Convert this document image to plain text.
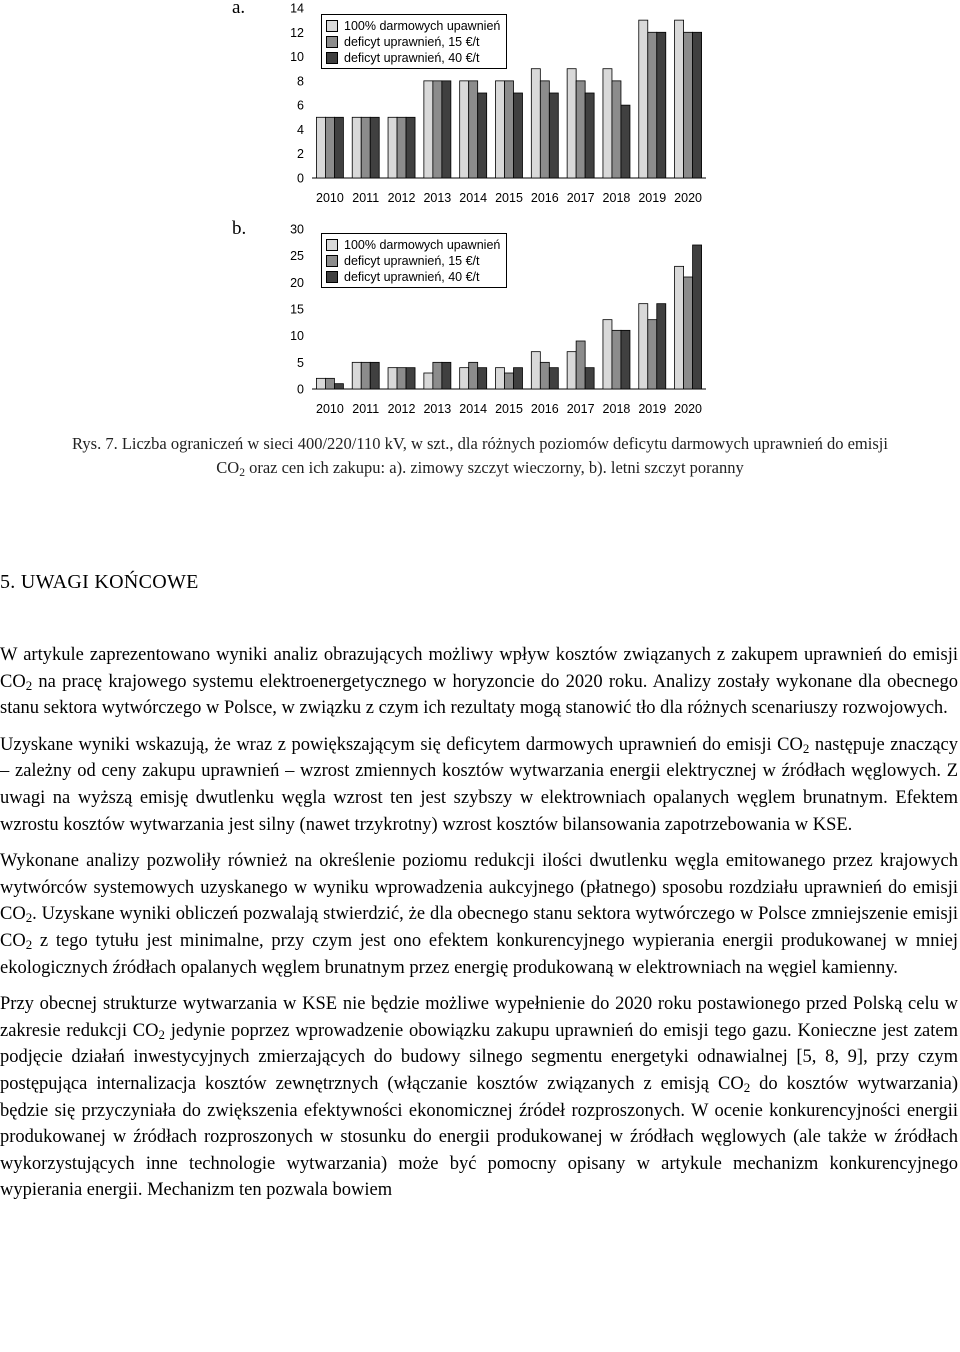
a.
0
2
4
6
8
10
12
14
2010 2011 2012 2013 2014 2015 2016 2017 2018 2019 2020
100% darmowych upawnień
deficyt uprawnień, 15 €/t
deficyt uprawnień, 40 €/t
b.
0
5
10
15
20
25
30
2010 2011 2012 2013 2014 2015 2016 2017 2018 2019 2020
100% darmowych upawnień
deficyt uprawnień, 15 €/t
deficyt uprawnień, 40 €/t
Rys. 7. Liczba ograniczeń w sieci 400/220/110 kV, w szt., dla różnych poziomów deficytu darmowych uprawnień do emisji
$CO_2$ oraz cen ich zakupu: a). zimowy szczyt wieczorny, b). letni szczyt poranny
5. UWAGI KOŃCOWE

W artykule zaprezentowano wyniki analiz obrazujących możliwy wpływ kosztów związanych z zakupem uprawnień do emisji $CO_2$ na pracę krajowego systemu elektroenergetycznego w horyzoncie do 2020 roku. Analizy zostały wykonane dla obecnego stanu sektora wytwórczego w Polsce, w związku z czym ich rezultaty mogą stanowić tło dla różnych scenariuszy rozwojowych.

Uzyskane wyniki wskazują, że wraz z powiększającym się deficytem darmowych uprawnień do emisji $CO_2$ następuje znaczący – zależny od ceny zakupu uprawnień – wzrost zmiennych kosztów wytwarzania energii elektrycznej w źródłach węglowych. Z uwagi na wyższą emisję dwutlenku węgla wzrost ten jest szybszy w elektrowniach opalanych węglem brunatnym. Efektem wzrostu kosztów wytwarzania jest silny (nawet trzykrotny) wzrost kosztów bilansowania zapotrzebowania w KSE.

Wykonane analizy pozwoliły również na określenie poziomu redukcji ilości dwutlenku węgla emitowanego przez krajowych wytwórców systemowych uzyskanego w wyniku wprowadzenia aukcyjnego (płatnego) sposobu rozdziału uprawnień do emisji $CO_2$. Uzyskane wyniki obliczeń pozwalają stwierdzić, że dla obecnego stanu sektora wytwórczego w Polsce zmniejszenie emisji $CO_2$ z tego tytułu jest minimalne, przy czym jest ono efektem konkurencyjnego wypierania energii produkowanej w mniej ekologicznych źródłach opalanych węglem brunatnym przez energię produkowaną w elektrowniach na węgiel kamienny.

Przy obecnej strukturze wytwarzania w KSE nie będzie możliwe wypełnienie do 2020 roku postawionego przed Polską celu w zakresie redukcji $CO_2$ jedynie poprzez wprowadzenie obowiązku zakupu uprawnień do emisji tego gazu. Konieczne jest zatem podjęcie działań inwestycyjnych zmierzających do budowy silnego segmentu energetyki odnawialnej [5, 8, 9], przy czym postępująca internalizacja kosztów zewnętrznych (włączanie kosztów związanych z emisją $CO_2$ do kosztów wytwarzania) będzie się przyczyniała do zwiększenia efektywności ekonomicznej źródeł rozproszonych. W ocenie konkurencyjności energii produkowanej w źródłach rozproszonych w stosunku do energii produkowanej w źródłach węglowych (ale także w źródłach wykorzystujących inne technologie wytwarzania) może być pomocny opisany w artykule mechanizm konkurencyjnego wypierania energii. Mechanizm ten pozwala bowiem
